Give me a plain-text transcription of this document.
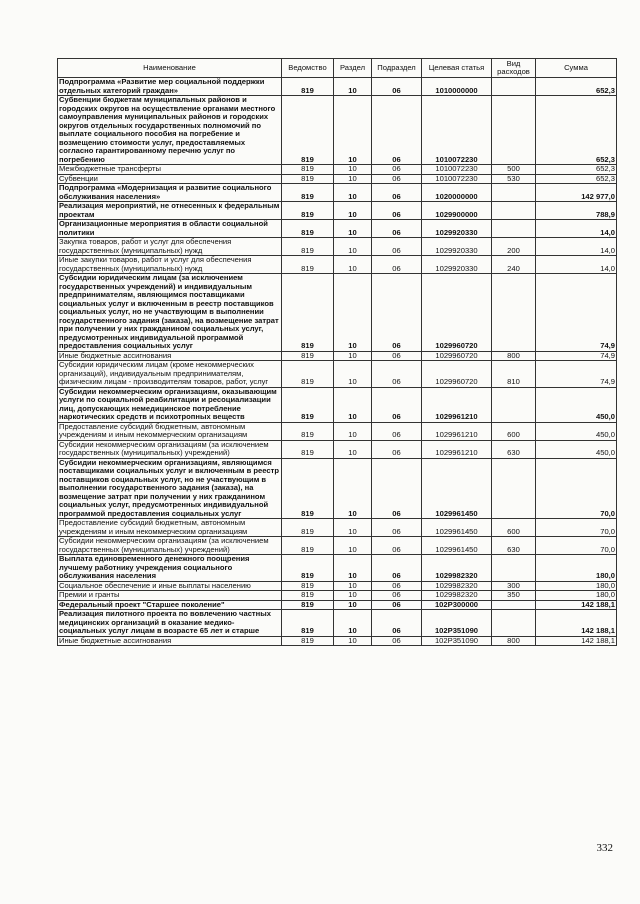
Наименование	Ведомство	Раздел	Подраздел	Целевая статья	Вид расходов	Сумма
Подпрограмма «Развитие мер социальной поддержки отдельных категорий граждан»	819	10	06	1010000000		652,3
Субвенции бюджетам муниципальных районов и городских округов на осуществление органами местного самоуправления муниципальных районов и городских округов отдельных государственных полномочий по выплате социального пособия на погребение и возмещению стоимости услуг, предоставляемых согласно гарантированному перечню услуг по погребению	819	10	06	1010072230		652,3
Межбюджетные трансферты	819	10	06	1010072230	500	652,3
Субвенции	819	10	06	1010072230	530	652,3
Подпрограмма «Модернизация и развитие социального обслуживания населения»	819	10	06	1020000000		142 977,0
Реализация мероприятий, не отнесенных к федеральным проектам	819	10	06	1029900000		788,9
Организационные мероприятия в области социальной политики	819	10	06	1029920330		14,0
Закупка товаров, работ и услуг для обеспечения государственных (муниципальных) нужд	819	10	06	1029920330	200	14,0
Иные закупки товаров, работ и услуг для обеспечения государственных (муниципальных) нужд	819	10	06	1029920330	240	14,0
Субсидии юридическим лицам (за исключением государственных учреждений) и индивидуальным предпринимателям, являющимся поставщиками социальных услуг и включенным в реестр поставщиков социальных услуг, но не участвующим в выполнении государственного задания (заказа), на возмещение затрат при получении у них гражданином социальных услуг, предусмотренных индивидуальной программой предоставления социальных услуг	819	10	06	1029960720		74,9
Иные бюджетные ассигнования	819	10	06	1029960720	800	74,9
Субсидии юридическим лицам (кроме некоммерческих организаций), индивидуальным предпринимателям, физическим лицам - производителям товаров, работ, услуг	819	10	06	1029960720	810	74,9
Субсидии некоммерческим организациям, оказывающим услуги по социальной реабилитации и ресоциализации лиц, допускающих немедицинское потребление наркотических средств и психотропных веществ	819	10	06	1029961210		450,0
Предоставление субсидий бюджетным, автономным учреждениям и иным некоммерческим организациям	819	10	06	1029961210	600	450,0
Субсидии некоммерческим организациям (за исключением государственных (муниципальных) учреждений)	819	10	06	1029961210	630	450,0
Субсидии некоммерческим организациям, являющимся поставщиками социальных услуг и включенным в реестр поставщиков социальных услуг, но не участвующим в выполнении государственного задания (заказа), на возмещение затрат при получении у них гражданином социальных услуг, предусмотренных индивидуальной программой предоставления социальных услуг	819	10	06	1029961450		70,0
Предоставление субсидий бюджетным, автономным учреждениям и иным некоммерческим организациям	819	10	06	1029961450	600	70,0
Субсидии некоммерческим организациям (за исключением государственных (муниципальных) учреждений)	819	10	06	1029961450	630	70,0
Выплата единовременного денежного поощрения лучшему работнику учреждения социального обслуживания населения	819	10	06	1029982320		180,0
Социальное обеспечение и иные выплаты населению	819	10	06	1029982320	300	180,0
Премии и гранты	819	10	06	1029982320	350	180,0
Федеральный проект "Старшее поколение"	819	10	06	102P300000		142 188,1
Реализация пилотного проекта по вовлечению частных медицинских организаций в оказание медико-социальных услуг лицам в возрасте 65 лет и старше	819	10	06	102P351090		142 188,1
Иные бюджетные ассигнования	819	10	06	102P351090	800	142 188,1
332
